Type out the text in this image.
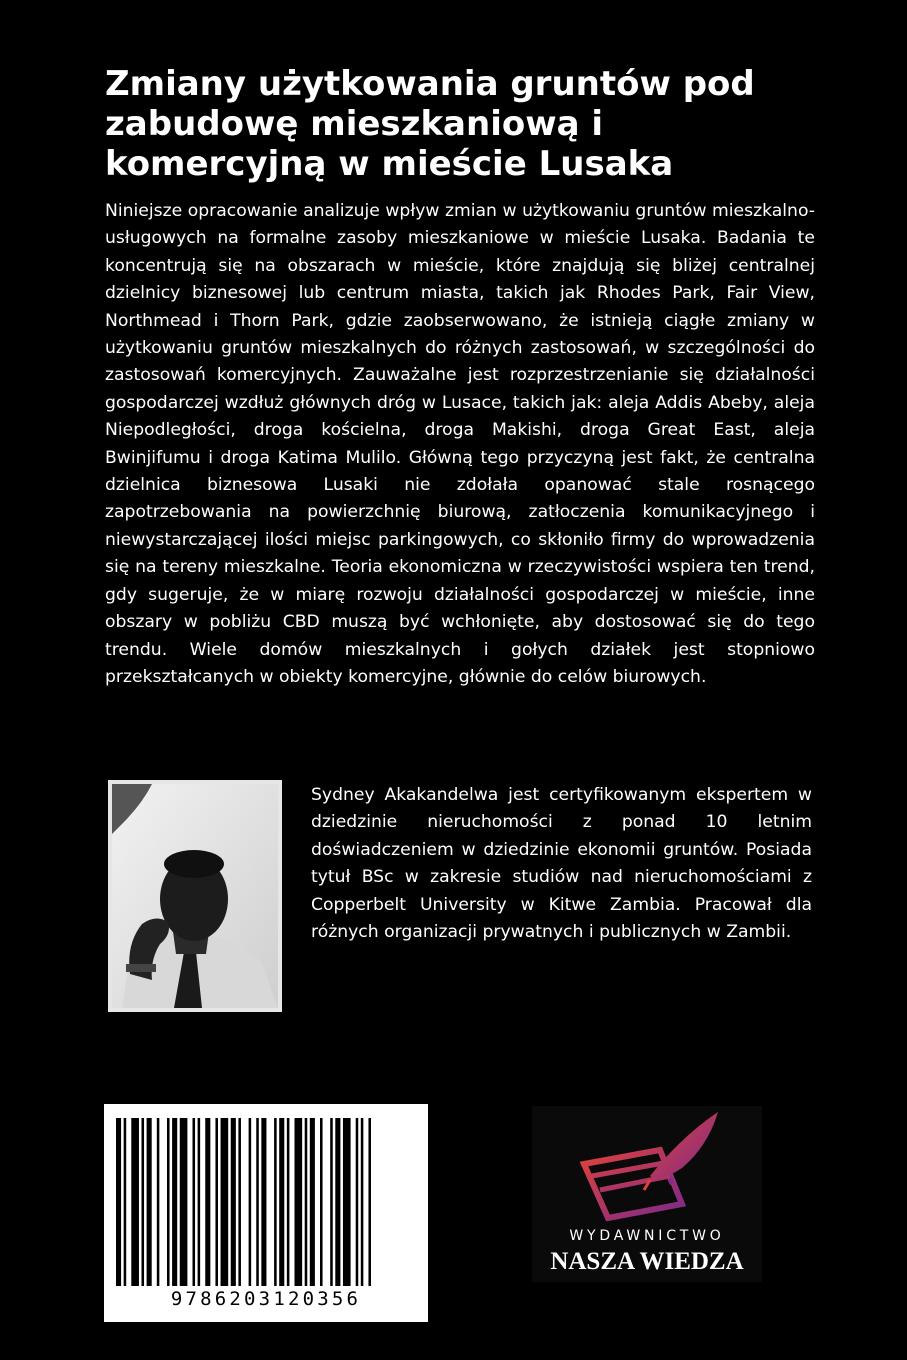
Zmiany użytkowania gruntów pod
zabudowę mieszkaniową i
komercyjną w mieście Lusaka

Niniejsze opracowanie analizuje wpływ zmian w użytkowaniu gruntów mieszkalno-usługowych na formalne zasoby mieszkaniowe w mieście Lusaka. Badania te koncentrują się na obszarach w mieście, które znajdują się bliżej centralnej dzielnicy biznesowej lub centrum miasta, takich jak Rhodes Park, Fair View, Northmead i Thorn Park, gdzie zaobserwowano, że istnieją ciągłe zmiany w użytkowaniu gruntów mieszkalnych do różnych zastosowań, w szczególności do zastosowań komercyjnych. Zauważalne jest rozprzestrzenianie się działalności gospodarczej wzdłuż głównych dróg w Lusace, takich jak: aleja Addis Abeby, aleja Niepodległości, droga kościelna, droga Makishi, droga Great East, aleja Bwinjifumu i droga Katima Mulilo. Główną tego przyczyną jest fakt, że centralna dzielnica biznesowa Lusaki nie zdołała opanować stale rosnącego zapotrzebowania na powierzchnię biurową, zatłoczenia komunikacyjnego i niewystarczającej ilości miejsc parkingowych, co skłoniło firmy do wprowadzenia się na tereny mieszkalne. Teoria ekonomiczna w rzeczywistości wspiera ten trend, gdy sugeruje, że w miarę rozwoju działalności gospodarczej w mieście, inne obszary w pobliżu CBD muszą być wchłonięte, aby dostosować się do tego trendu. Wiele domów mieszkalnych i gołych działek jest stopniowo przekształcanych w obiekty komercyjne, głównie do celów biurowych.

Sydney Akakandelwa jest certyfikowanym ekspertem w dziedzinie nieruchomości z ponad 10 letnim doświadczeniem w dziedzinie ekonomii gruntów. Posiada tytuł BSc w zakresie studiów nad nieruchomościami z Copperbelt University w Kitwe Zambia. Pracował dla różnych organizacji prywatnych i publicznych w Zambii.

9786203120356
WYDAWNICTWO
NASZA WIEDZA
